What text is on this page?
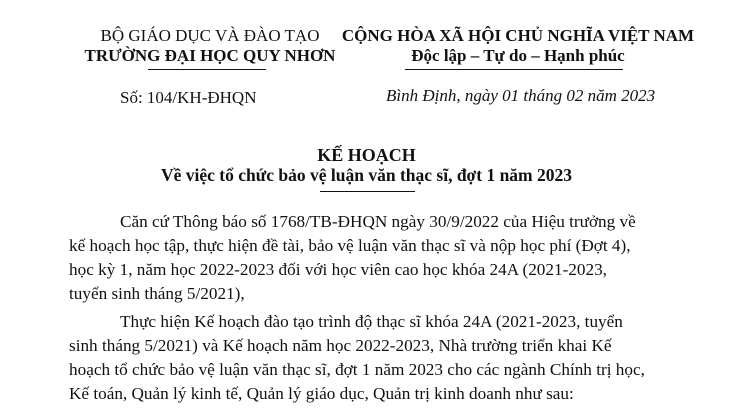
BỘ GIÁO DỤC VÀ ĐÀO TẠO
TRƯỜNG ĐẠI HỌC QUY NHƠN
CỘNG HÒA XÃ HỘI CHỦ NGHĨA VIỆT NAM
Độc lập – Tự do – Hạnh phúc
Số: 104/KH-ĐHQN	Bình Định, ngày 01 tháng 02 năm 2023
KẾ HOẠCH
Về việc tổ chức bảo vệ luận văn thạc sĩ, đợt 1 năm 2023
Căn cứ Thông báo số 1768/TB-ĐHQN ngày 30/9/2022 của Hiệu trưởng về
kế hoạch học tập, thực hiện đề tài, bảo vệ luận văn thạc sĩ và nộp học phí (Đợt 4),
học kỳ 1, năm học 2022-2023 đối với học viên cao học khóa 24A (2021-2023,
tuyển sinh tháng 5/2021),
Thực hiện Kế hoạch đào tạo trình độ thạc sĩ khóa 24A (2021-2023, tuyển
sinh tháng 5/2021) và Kế hoạch năm học 2022-2023, Nhà trường triển khai Kế
hoạch tổ chức bảo vệ luận văn thạc sĩ, đợt 1 năm 2023 cho các ngành Chính trị học,
Kế toán, Quản lý kinh tế, Quản lý giáo dục, Quản trị kinh doanh như sau:
